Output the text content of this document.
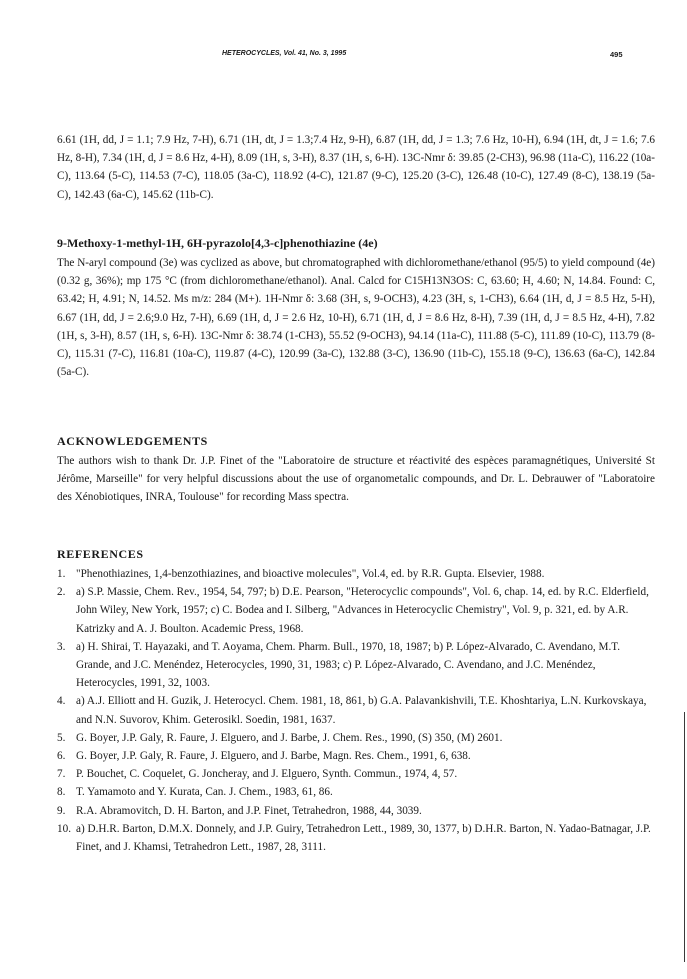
HETEROCYCLES, Vol. 41, No. 3, 1995	495

6.61 (1H, dd, J = 1.1; 7.9 Hz, 7-H), 6.71 (1H, dt, J = 1.3;7.4 Hz, 9-H), 6.87 (1H, dd, J = 1.3; 7.6 Hz, 10-H), 6.94 (1H, dt, J = 1.6; 7.6 Hz, 8-H), 7.34 (1H, d, J = 8.6 Hz, 4-H), 8.09 (1H, s, 3-H), 8.37 (1H, s, 6-H). 13C-Nmr δ: 39.85 (2-CH3), 96.98 (11a-C), 116.22 (10a-C), 113.64 (5-C), 114.53 (7-C), 118.05 (3a-C), 118.92 (4-C), 121.87 (9-C), 125.20 (3-C), 126.48 (10-C), 127.49 (8-C), 138.19 (5a-C), 142.43 (6a-C), 145.62 (11b-C).

9-Methoxy-1-methyl-1H, 6H-pyrazolo[4,3-c]phenothiazine (4e)

The N-aryl compound (3e) was cyclized as above, but chromatographed with dichloromethane/ethanol (95/5) to yield compound (4e) (0.32 g, 36%); mp 175 °C (from dichloromethane/ethanol). Anal. Calcd for C15H13N3OS: C, 63.60; H, 4.60; N, 14.84. Found: C, 63.42; H, 4.91; N, 14.52. Ms m/z: 284 (M+). 1H-Nmr δ: 3.68 (3H, s, 9-OCH3), 4.23 (3H, s, 1-CH3), 6.64 (1H, d, J = 8.5 Hz, 5-H), 6.67 (1H, dd, J = 2.6;9.0 Hz, 7-H), 6.69 (1H, d, J = 2.6 Hz, 10-H), 6.71 (1H, d, J = 8.6 Hz, 8-H), 7.39 (1H, d, J = 8.5 Hz, 4-H), 7.82 (1H, s, 3-H), 8.57 (1H, s, 6-H). 13C-Nmr δ: 38.74 (1-CH3), 55.52 (9-OCH3), 94.14 (11a-C), 111.88 (5-C), 111.89 (10-C), 113.79 (8-C), 115.31 (7-C), 116.81 (10a-C), 119.87 (4-C), 120.99 (3a-C), 132.88 (3-C), 136.90 (11b-C), 155.18 (9-C), 136.63 (6a-C), 142.84 (5a-C).

ACKNOWLEDGEMENTS

The authors wish to thank Dr. J.P. Finet of the "Laboratoire de structure et réactivité des espèces paramagnétiques, Université St Jérôme, Marseille" for very helpful discussions about the use of organometalic compounds, and Dr. L. Debrauwer of "Laboratoire des Xénobiotiques, INRA, Toulouse" for recording Mass spectra.

REFERENCES

1. "Phenothiazines, 1,4-benzothiazines, and bioactive molecules", Vol.4, ed. by R.R. Gupta. Elsevier, 1988.
2. a) S.P. Massie, Chem. Rev., 1954, 54, 797; b) D.E. Pearson, "Heterocyclic compounds", Vol. 6, chap. 14, ed. by R.C. Elderfield, John Wiley, New York, 1957; c) C. Bodea and I. Silberg, "Advances in Heterocyclic Chemistry", Vol. 9, p. 321, ed. by A.R. Katrizky and A. J. Boulton. Academic Press, 1968.
3. a) H. Shirai, T. Hayazaki, and T. Aoyama, Chem. Pharm. Bull., 1970, 18, 1987; b) P. López-Alvarado, C. Avendano, M.T. Grande, and J.C. Menéndez, Heterocycles, 1990, 31, 1983; c) P. López-Alvarado, C. Avendano, and J.C. Menéndez, Heterocycles, 1991, 32, 1003.
4. a) A.J. Elliott and H. Guzik, J. Heterocycl. Chem. 1981, 18, 861, b) G.A. Palavankishvili, T.E. Khoshtariya, L.N. Kurkovskaya, and N.N. Suvorov, Khim. Geterosikl. Soedin, 1981, 1637.
5. G. Boyer, J.P. Galy, R. Faure, J. Elguero, and J. Barbe, J. Chem. Res., 1990, (S) 350, (M) 2601.
6. G. Boyer, J.P. Galy, R. Faure, J. Elguero, and J. Barbe, Magn. Res. Chem., 1991, 6, 638.
7. P. Bouchet, C. Coquelet, G. Joncheray, and J. Elguero, Synth. Commun., 1974, 4, 57.
8. T. Yamamoto and Y. Kurata, Can. J. Chem., 1983, 61, 86.
9. R.A. Abramovitch, D. H. Barton, and J.P. Finet, Tetrahedron, 1988, 44, 3039.
10. a) D.H.R. Barton, D.M.X. Donnely, and J.P. Guiry, Tetrahedron Lett., 1989, 30, 1377, b) D.H.R. Barton, N. Yadao-Batnagar, J.P. Finet, and J. Khamsi, Tetrahedron Lett., 1987, 28, 3111.
